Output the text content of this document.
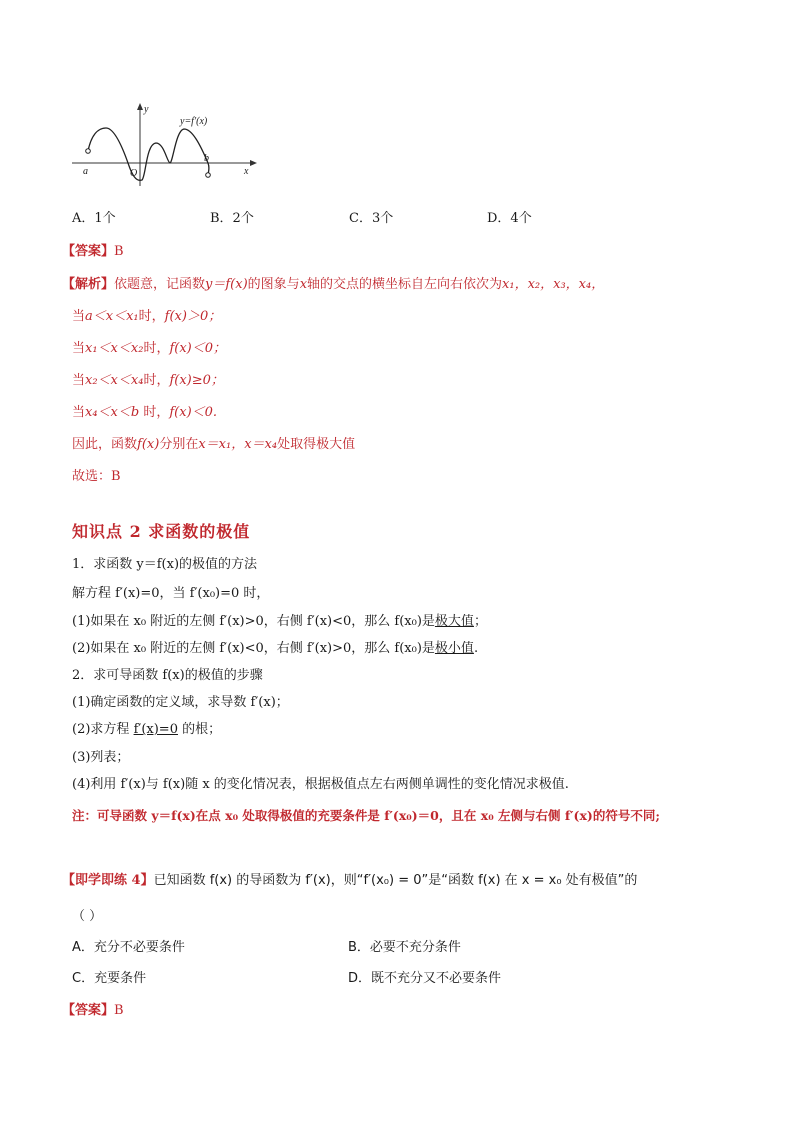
y=f′(x)
y
x
O
a
b
A．1个	B．2个	C．3个	D．4个
【答案】B
【解析】依题意，记函数y＝f(x)的图象与x轴的交点的横坐标自左向右依次为x₁，x₂，x₃，x₄，
当a＜x＜x₁时，f(x)＞0；
当x₁＜x＜x₂时，f(x)＜0；
当x₂＜x＜x₄时，f(x)≥0；
当x₄＜x＜b 时，f(x)＜0.
因此，函数f(x)分别在x＝x₁，x＝x₄处取得极大值
故选：B
知识点 2 求函数的极值
1．求函数 y＝f(x)的极值的方法
解方程 f′(x)=0，当 f′(x₀)=0 时，
(1)如果在 x₀ 附近的左侧 f′(x)>0，右侧 f′(x)<0，那么 f(x₀)是极大值；
(2)如果在 x₀ 附近的左侧 f′(x)<0，右侧 f′(x)>0，那么 f(x₀)是极小值.
2．求可导函数 f(x)的极值的步骤
(1)确定函数的定义域，求导数 f′(x)；
(2)求方程 f′(x)=0 的根；
(3)列表；
(4)利用 f′(x)与 f(x)随 x 的变化情况表，根据极值点左右两侧单调性的变化情况求极值.
注：可导函数 y＝f(x)在点 x₀ 处取得极值的充要条件是 f′(x₀)＝0，且在 x₀ 左侧与右侧 f′(x)的符号不同;
【即学即练 4】已知函数 f(x) 的导函数为 f′(x)，则“f′(x₀) = 0”是“函数 f(x) 在 x = x₀ 处有极值”的
（ ）
A．充分不必要条件	B．必要不充分条件
C．充要条件	D．既不充分又不必要条件
【答案】B
